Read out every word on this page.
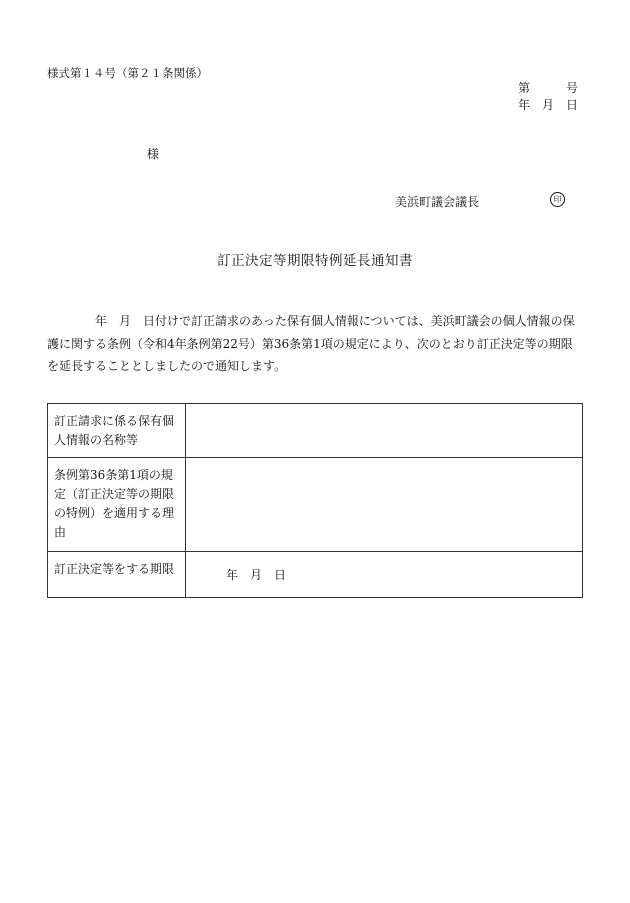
様式第１４号（第２１条関係）
第　　　号
年　月　日
様
美浜町議会議長	印
訂正決定等期限特例延長通知書
年　月　日付けで訂正請求のあった保有個人情報については、美浜町議会の個人情報の保護に関する条例（令和4年条例第22号）第36条第1項の規定により、次のとおり訂正決定等の期限を延長することとしましたので通知します。
訂正請求に係る保有個人情報の名称等	
条例第36条第1項の規定（訂正決定等の期限の特例）を適用する理由	
訂正決定等をする期限	年　月　日
